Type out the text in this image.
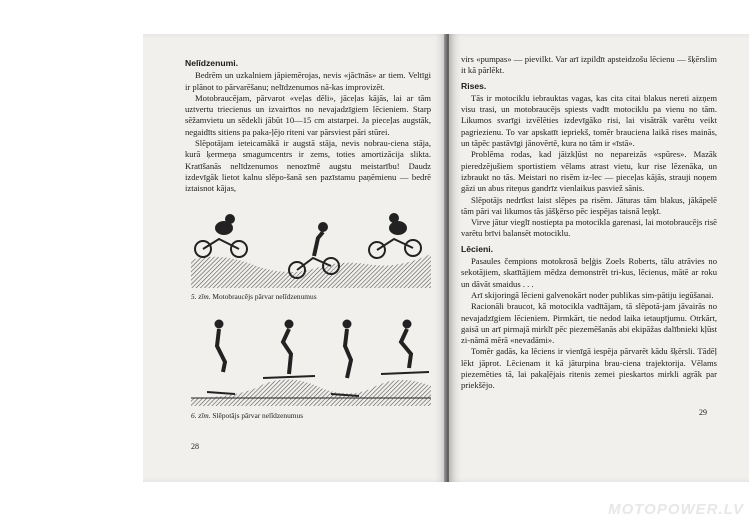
Nelīdzenumi.

Bedrēm un uzkalniem jāpiemērojas, nevis «jācīnās» ar tiem. Veltīgi ir plānot to pārvarēšanu; nelīdzenumos nā-kas improvizēt.

Motobraucējam, pārvarot «veļas dēli», jāceļas kājās, lai ar tām uztvertu triecienus un izvairītos no nevajadzīgiem lēcieniem. Starp sēžamvietu un sēdekli jābūt 10—15 cm atstarpei. Ja pieceļas augstāk, negaidīts sitiens pa paka-ļējo riteni var pārsviest pāri stūrei.

Slēpotājam ieteicamākā ir augstā stāja, nevis nobrau-ciena stāja, kurā ķermeņa smagumcentrs ir zems, toties amortizācija slikta. Kratīšanās nelīdzenumos nenozīmē augstu meistarību! Daudz izdevīgāk lietot kalnu slēpo-šanā sen pazīstamu paņēmienu — bedrē iztaisnot kājas,

5. zīm. Motobraucējs pārvar nelīdzenumus
6. zīm. Slēpotājs pārvar nelīdzenumus
28

virs «pumpas» — pievilkt. Var arī izpildīt apsteidzošu lēcienu — šķērslim it kā pārlēkt.

Rises.

Tās ir motociklu iebrauktas vagas, kas cita citai blakus nereti aizņem visu trasi, un motobraucējs spiests vadīt motociklu pa vienu no tām. Likumos svarīgi izvēlēties izdevīgāko risi, lai visātrāk varētu veikt pagriezienu. To var apskatīt iepriekš, tomēr brauciena laikā rises mainās, un tāpēc pastāvīgi jānovērtē, kura no tām ir «īstā».

Problēma rodas, kad jāizkļūst no nepareizās «spūres». Mazāk pieredzējušiem sportistiem vēlams atrast vietu, kur rise lēzenāka, un izbraukt no tās. Meistari no risēm iz-lec — pieceļas kājās, strauji noņem gāzi un abus riteņus gandrīz vienlaikus pasviež sānis.

Slēpotājs nedrīkst laist slēpes pa risēm. Jāturas tām blakus, jākāpelē tām pāri vai likumos tās jāšķērso pēc iespējas taisnā leņķī.

Virve jātur vieglī nostiepta pa motocikla garenasi, lai motobraucējs risē varētu brīvi balansēt motociklu.

Lēcieni.

Pasaules čempions motokrosā beļģis Zoels Roberts, tālu atrāvies no sekotājiem, skatītājiem mēdza demonstrēt tri-kus, lēcienus, mātē ar roku un dāvāt smaidus . . .

Arī skijoringā lēcieni galvenokārt noder publikas sim-pātiju iegūšanai.

Racionāli braucot, kā motocikla vadītājam, tā slēpotā-jam jāvairās no nevajadzīgiem lēcieniem. Pirmkārt, tie nedod laika ietaupījumu. Otrkārt, gaisā un arī pirmajā mirklī pēc piezemēšanās abi ekipāžas dalībnieki kļūst zi-nāmā mērā «nevadāmi».

Tomēr gadās, ka lēciens ir vienīgā iespēja pārvarēt kādu šķērsli. Tādēļ lēkt jāprot. Lēcienam it kā jāturpina brau-ciena trajektorija. Vēlams piezemēties tā, lai pakaļējais ritenis zemei pieskartos mirkli agrāk par priekšējo.

29
MOTOPOWER.LV
